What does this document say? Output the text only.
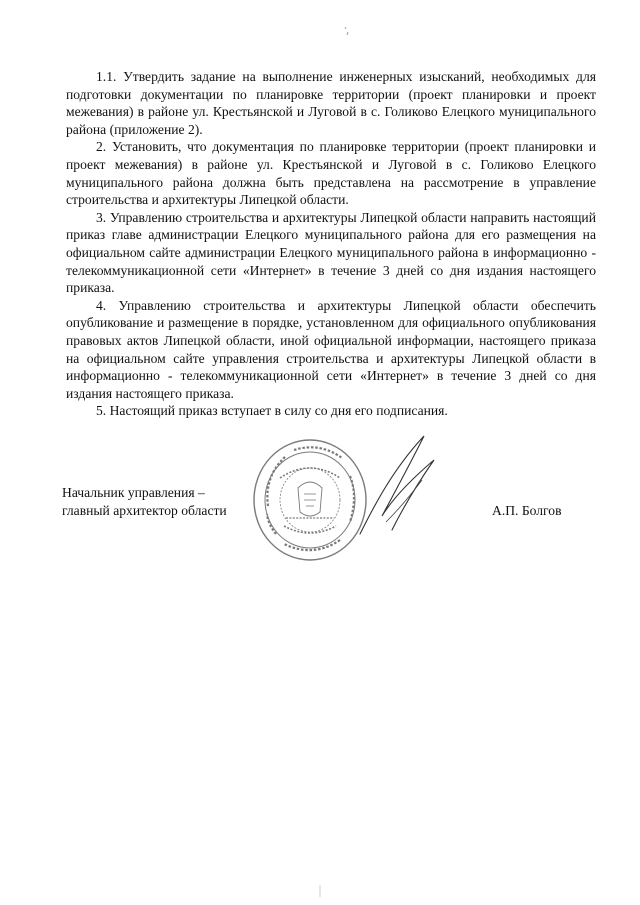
1.1. Утвердить задание на выполнение инженерных изысканий, необходимых для подготовки документации по планировке территории (проект планировки и проект межевания) в районе ул. Крестьянской и Луговой в с. Голиково Елецкого муниципального района (приложение 2).

2. Установить, что документация по планировке территории (проект планировки и проект межевания) в районе ул. Крестьянской и Луговой в с. Голиково Елецкого муниципального района должна быть представлена на рассмотрение в управление строительства и архитектуры Липецкой области.

3. Управлению строительства и архитектуры Липецкой области направить настоящий приказ главе администрации Елецкого муниципального района для его размещения на официальном сайте администрации Елецкого муниципального района в информационно - телекоммуникационной сети «Интернет» в течение 3 дней со дня издания настоящего приказа.

4. Управлению строительства и архитектуры Липецкой области обеспечить опубликование и размещение в порядке, установленном для официального опубликования правовых актов Липецкой области, иной официальной информации, настоящего приказа на официальном сайте управления строительства и архитектуры Липецкой области в информационно - телекоммуникационной сети «Интернет» в течение 3 дней со дня издания настоящего приказа.

5. Настоящий приказ вступает в силу со дня его подписания.

Начальник управления –
главный архитектор области	А.П. Болгов
